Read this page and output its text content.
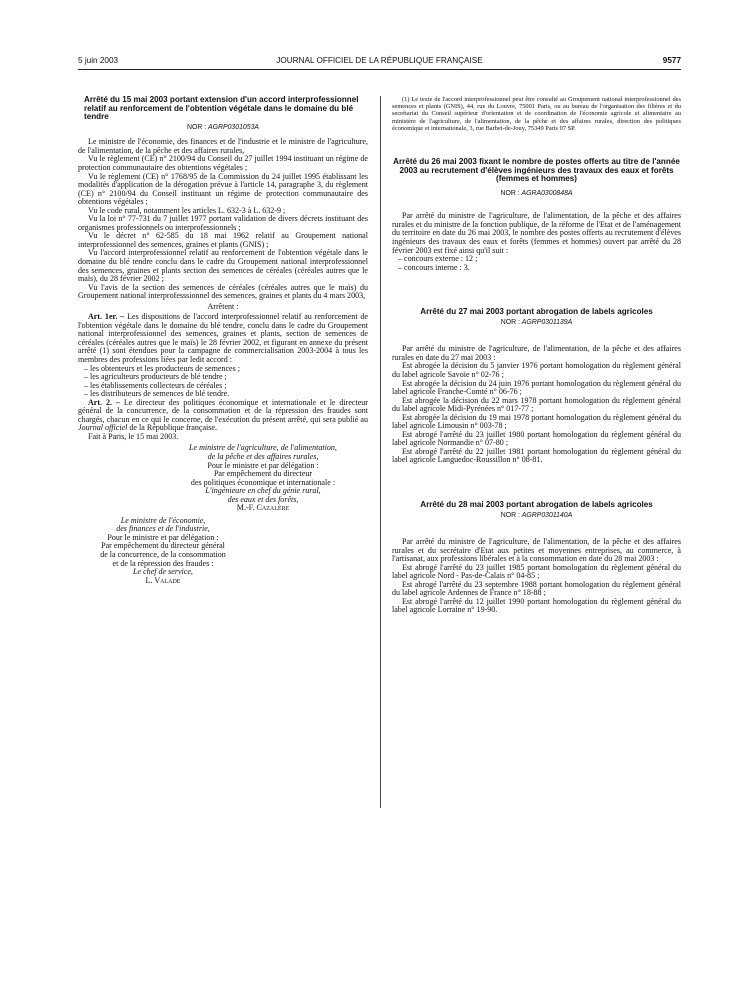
5 juin 2003	JOURNAL OFFICIEL DE LA RÉPUBLIQUE FRANÇAISE	9577
Arrêté du 15 mai 2003 portant extension d'un accord interprofessionnel relatif au renforcement de l'obtention végétale dans le domaine du blé tendre
NOR : AGRP0301053A

Le ministre de l'économie, des finances et de l'industrie et le ministre de l'agriculture, de l'alimentation, de la pêche et des affaires rurales,

Vu le règlement (CE) n° 2100/94 du Conseil du 27 juillet 1994 instituant un régime de protection communautaire des obtentions végétales ;

Vu le règlement (CE) n° 1768/95 de la Commission du 24 juillet 1995 établissant les modalités d'application de la dérogation prévue à l'article 14, paragraphe 3, du règlement (CE) n° 2100/94 du Conseil instituant un régime de protection communautaire des obtentions végétales ;

Vu le code rural, notamment les articles L. 632-3 à L. 632-9 ;

Vu la loi n° 77-731 du 7 juillet 1977 portant validation de divers décrets instituant des organismes professionnels ou interprofessionnels ;

Vu le décret n° 62-585 du 18 mai 1962 relatif au Groupement national interprofessionnel des semences, graines et plants (GNIS) ;

Vu l'accord interprofessionnel relatif au renforcement de l'obtention végétale dans le domaine du blé tendre conclu dans le cadre du Groupement national interprofessionnel des semences, graines et plants section des semences de céréales (céréales autres que le maïs), du 28 février 2002 ;

Vu l'avis de la section des semences de céréales (céréales autres que le maïs) du Groupement national interprofesssionnel des semences, graines et plants du 4 mars 2003,

Arrêtent :

Art. 1er. – Les dispositions de l'accord interprofessionnel relatif au renforcement de l'obtention végétale dans le domaine du blé tendre, conclu dans le cadre du Groupement national interprofessionnel des semences, graines et plants, section de semences de céréales (céréales autres que le maïs) le 28 février 2002, et figurant en annexe du présent arrêté (1) sont étendues pour la campagne de commercialisation 2003-2004 à tous les membres des professions liées par ledit accord :

– les obtenteurs et les producteurs de semences ;
– les agriculteurs producteurs de blé tendre ;
– les établissements collecteurs de céréales ;
– les distributeurs de semences de blé tendre.

Art. 2. – Le directeur des politiques économique et internationale et le directeur général de la concurrence, de la consommation et de la répression des fraudes sont chargés, chacun en ce qui le concerne, de l'exécution du présent arrêté, qui sera publié au Journal officiel de la République française.

Fait à Paris, le 15 mai 2003.

Le ministre de l'agriculture, de l'alimentation,
de la pêche et des affaires rurales,
Pour le ministre et par délégation :
Par empêchement du directeur
des politiques économique et internationale :
L'ingénieure en chef du génie rural,
des eaux et des forêts,
M.-F. Cazalère
Le ministre de l'économie,
des finances et de l'industrie,
Pour le ministre et par délégation :
Par empêchement du directeur général
de la concurrence, de la consommation
et de la répression des fraudes :
Le chef de service,
L. Valade

(1) Le texte de l'accord interprofessionnel peut être consulté au Groupement national interprofessionnel des semences et plants (GNIS), 44, rue du Louvre, 75001 Paris, ou au bureau de l'organisation des filières et du secrétariat du Conseil supérieur d'orientation et de coordination de l'économie agricole et alimentaire au ministère de l'agriculture, de l'alimentation, de la pêche et des affaires rurales, direction des politiques économique et internationale, 3, rue Barbet-de-Jouy, 75349 Paris 07 SP.

Arrêté du 26 mai 2003 fixant le nombre de postes offerts au titre de l'année 2003 au recrutement d'élèves ingénieurs des travaux des eaux et forêts (femmes et hommes)
NOR : AGRA0300848A

Par arrêté du ministre de l'agriculture, de l'alimentation, de la pêche et des affaires rurales et du ministre de la fonction publique, de la réforme de l'Etat et de l'aménagement du territoire en date du 26 mai 2003, le nombre des postes offerts au recrutement d'élèves ingénieurs des travaux des eaux et forêts (femmes et hommes) ouvert par arrêté du 28 février 2003 est fixé ainsi qu'il suit :

– concours externe : 12 ;
– concours interne : 3.
Arrêté du 27 mai 2003 portant abrogation de labels agricoles
NOR : AGRP0301139A

Par arrêté du ministre de l'agriculture, de l'alimentation, de la pêche et des affaires rurales en date du 27 mai 2003 :

Est abrogée la décision du 5 janvier 1976 portant homologation du règlement général du label agricole Savoie n° 02-76 ;

Est abrogée la décision du 24 juin 1976 portant homologation du règlement général du label agricole Franche-Comté n° 06-76 ;

Est abrogée la décision du 22 mars 1978 portant homologation du règlement général du label agricole Midi-Pyrénées n° 017-77 ;

Est abrogée la décision du 19 mai 1978 portant homologation du règlement général du label agricole Limousin n° 003-78 ;

Est abrogé l'arrêté du 23 juillet 1980 portant homologation du règlement général du label agricole Normandie n° 07-80 ;

Est abrogé l'arrêté du 22 juillet 1981 portant homologation du règlement général du label agricole Languedoc-Roussillon n° 08-81.

Arrêté du 28 mai 2003 portant abrogation de labels agricoles
NOR : AGRP0301140A

Par arrêté du ministre de l'agriculture, de l'alimentation, de la pêche et des affaires rurales et du secrétaire d'Etat aux petites et moyennes entreprises, au commerce, à l'artisanat, aux professions libérales et à la consommation en date du 28 mai 2003 :

Est abrogé l'arrêté du 23 juillet 1985 portant homologation du règlement général du label agricole Nord - Pas-de-Calais n° 04-85 ;

Est abrogé l'arrêté du 23 septembre 1988 portant homologation du règlement général du label agricole Ardennes de France n° 18-88 ;

Est abrogé l'arrêté du 12 juillet 1990 portant homologation du règlement général du label agricole Lorraine n° 19-90.
